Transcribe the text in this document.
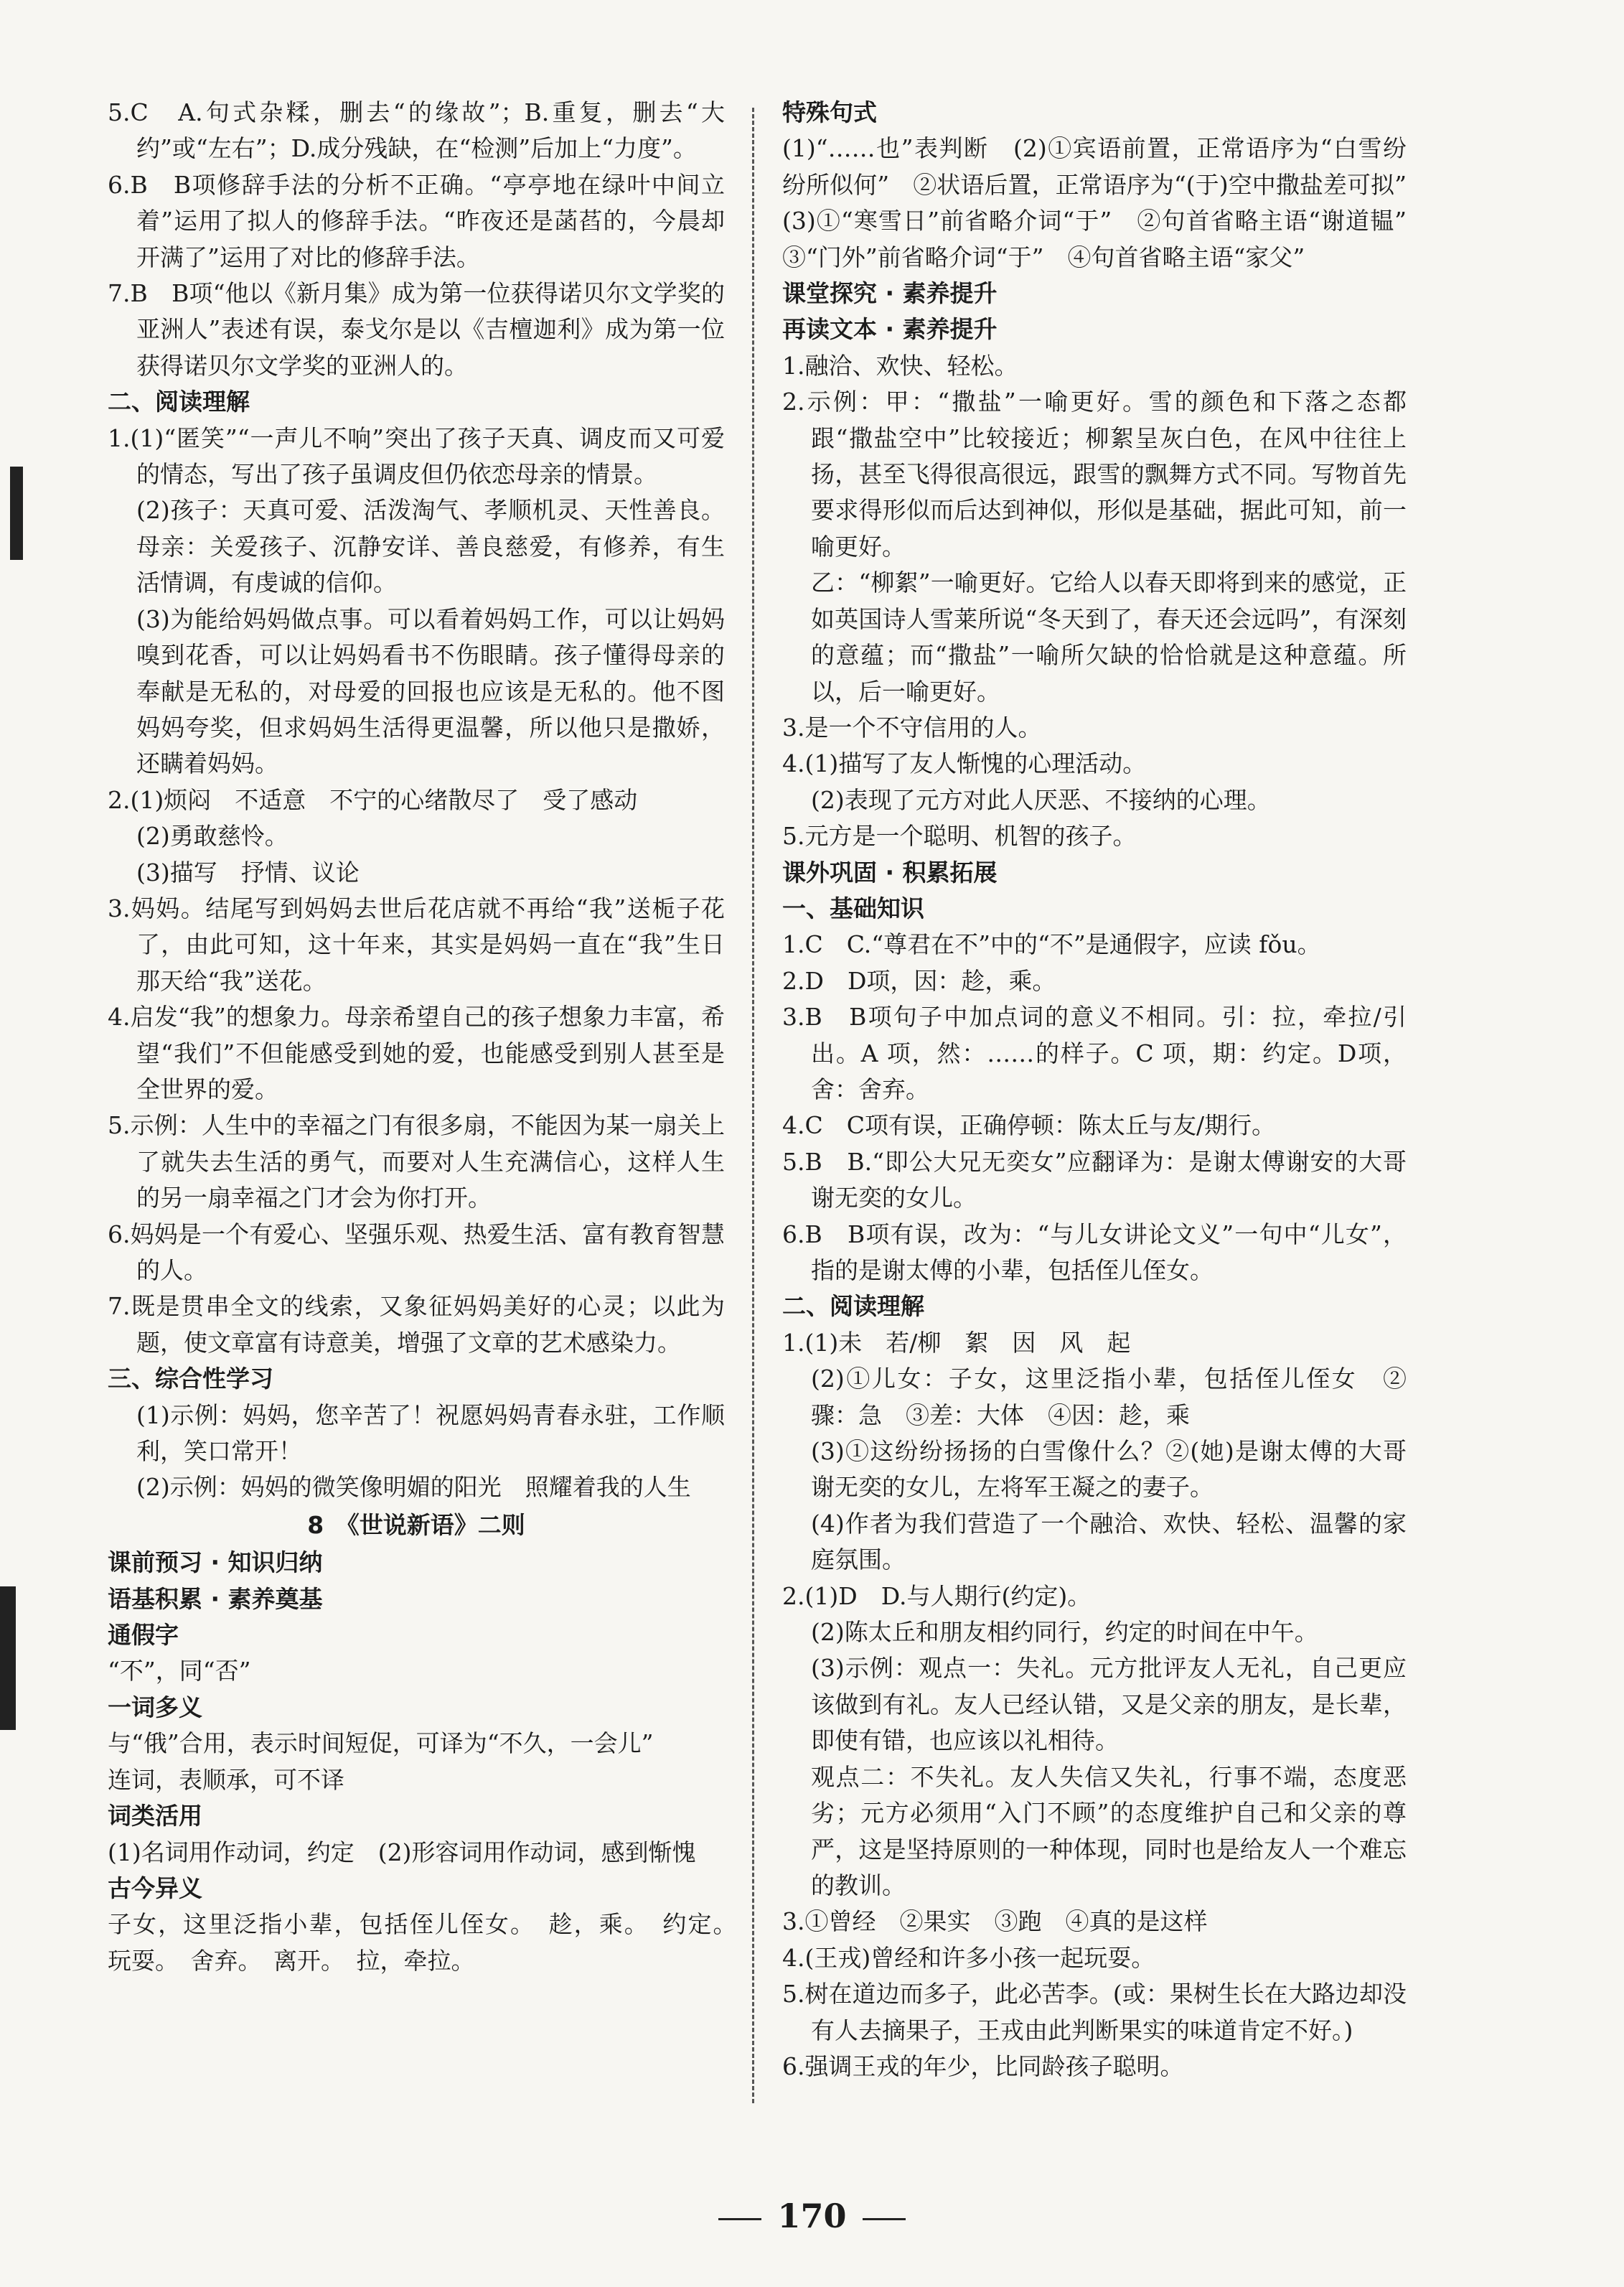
5.C　A.句式杂糅，删去“的缘故”；B.重复，删去“大约”或“左右”；D.成分残缺，在“检测”后加上“力度”。
6.B　B项修辞手法的分析不正确。“亭亭地在绿叶中间立着”运用了拟人的修辞手法。“昨夜还是菡萏的，今晨却开满了”运用了对比的修辞手法。
7.B　B项“他以《新月集》成为第一位获得诺贝尔文学奖的亚洲人”表述有误，泰戈尔是以《吉檀迦利》成为第一位获得诺贝尔文学奖的亚洲人的。
二、阅读理解
1.(1)“匿笑”“一声儿不响”突出了孩子天真、调皮而又可爱的情态，写出了孩子虽调皮但仍依恋母亲的情景。
(2)孩子：天真可爱、活泼淘气、孝顺机灵、天性善良。母亲：关爱孩子、沉静安详、善良慈爱，有修养，有生活情调，有虔诚的信仰。
(3)为能给妈妈做点事。可以看着妈妈工作，可以让妈妈嗅到花香，可以让妈妈看书不伤眼睛。孩子懂得母亲的奉献是无私的，对母爱的回报也应该是无私的。他不图妈妈夸奖，但求妈妈生活得更温馨，所以他只是撒娇，还瞒着妈妈。
2.(1)烦闷　不适意　不宁的心绪散尽了　受了感动
(2)勇敢慈怜。
(3)描写　抒情、议论
3.妈妈。结尾写到妈妈去世后花店就不再给“我”送栀子花了，由此可知，这十年来，其实是妈妈一直在“我”生日那天给“我”送花。
4.启发“我”的想象力。母亲希望自己的孩子想象力丰富，希望“我们”不但能感受到她的爱，也能感受到别人甚至是全世界的爱。
5.示例：人生中的幸福之门有很多扇，不能因为某一扇关上了就失去生活的勇气，而要对人生充满信心，这样人生的另一扇幸福之门才会为你打开。
6.妈妈是一个有爱心、坚强乐观、热爱生活、富有教育智慧的人。
7.既是贯串全文的线索，又象征妈妈美好的心灵；以此为题，使文章富有诗意美，增强了文章的艺术感染力。
三、综合性学习
(1)示例：妈妈，您辛苦了！祝愿妈妈青春永驻，工作顺利，笑口常开！
(2)示例：妈妈的微笑像明媚的阳光　照耀着我的人生
8　《世说新语》二则
课前预习 · 知识归纳
语基积累 · 素养奠基
通假字
“不”，同“否”
一词多义
与“俄”合用，表示时间短促，可译为“不久，一会儿”
连词，表顺承，可不译
词类活用
(1)名词用作动词，约定　(2)形容词用作动词，感到惭愧
古今异义
子女，这里泛指小辈，包括侄儿侄女。　趁，乘。　约定。　玩耍。　舍弃。　离开。　拉，牵拉。
特殊句式
(1)“……也”表判断　(2)①宾语前置，正常语序为“白雪纷纷所似何”　②状语后置，正常语序为“(于)空中撒盐差可拟”　(3)①“寒雪日”前省略介词“于”　②句首省略主语“谢道韫”　③“门外”前省略介词“于”　④句首省略主语“家父”
课堂探究 · 素养提升
再读文本 · 素养提升
1.融洽、欢快、轻松。
2.示例：甲：“撒盐”一喻更好。雪的颜色和下落之态都跟“撒盐空中”比较接近；柳絮呈灰白色，在风中往往上扬，甚至飞得很高很远，跟雪的飘舞方式不同。写物首先要求得形似而后达到神似，形似是基础，据此可知，前一喻更好。
乙：“柳絮”一喻更好。它给人以春天即将到来的感觉，正如英国诗人雪莱所说“冬天到了，春天还会远吗”，有深刻的意蕴；而“撒盐”一喻所欠缺的恰恰就是这种意蕴。所以，后一喻更好。
3.是一个不守信用的人。
4.(1)描写了友人惭愧的心理活动。
(2)表现了元方对此人厌恶、不接纳的心理。
5.元方是一个聪明、机智的孩子。
课外巩固 · 积累拓展
一、基础知识
1.C　C.“尊君在不”中的“不”是通假字，应读 fǒu。
2.D　D项，因：趁，乘。
3.B　B项句子中加点词的意义不相同。引：拉，牵拉/引出。A 项，然：……的样子。C 项，期：约定。D项，舍：舍弃。
4.C　C项有误，正确停顿：陈太丘与友/期行。
5.B　B.“即公大兄无奕女”应翻译为：是谢太傅谢安的大哥谢无奕的女儿。
6.B　B项有误，改为：“与儿女讲论文义”一句中“儿女”，指的是谢太傅的小辈，包括侄儿侄女。
二、阅读理解
1.(1)未　若/柳　絮　因　风　起
(2)①儿女：子女，这里泛指小辈，包括侄儿侄女　②骤：急　③差：大体　④因：趁，乘
(3)①这纷纷扬扬的白雪像什么？②(她)是谢太傅的大哥谢无奕的女儿，左将军王凝之的妻子。
(4)作者为我们营造了一个融洽、欢快、轻松、温馨的家庭氛围。
2.(1)D　D.与人期行(约定)。
(2)陈太丘和朋友相约同行，约定的时间在中午。
(3)示例：观点一：失礼。元方批评友人无礼，自己更应该做到有礼。友人已经认错，又是父亲的朋友，是长辈，即使有错，也应该以礼相待。
观点二：不失礼。友人失信又失礼，行事不端，态度恶劣；元方必须用“入门不顾”的态度维护自己和父亲的尊严，这是坚持原则的一种体现，同时也是给友人一个难忘的教训。
3.①曾经　②果实　③跑　④真的是这样
4.(王戎)曾经和许多小孩一起玩耍。
5.树在道边而多子，此必苦李。(或：果树生长在大路边却没有人去摘果子，王戎由此判断果实的味道肯定不好。)
6.强调王戎的年少，比同龄孩子聪明。
170
